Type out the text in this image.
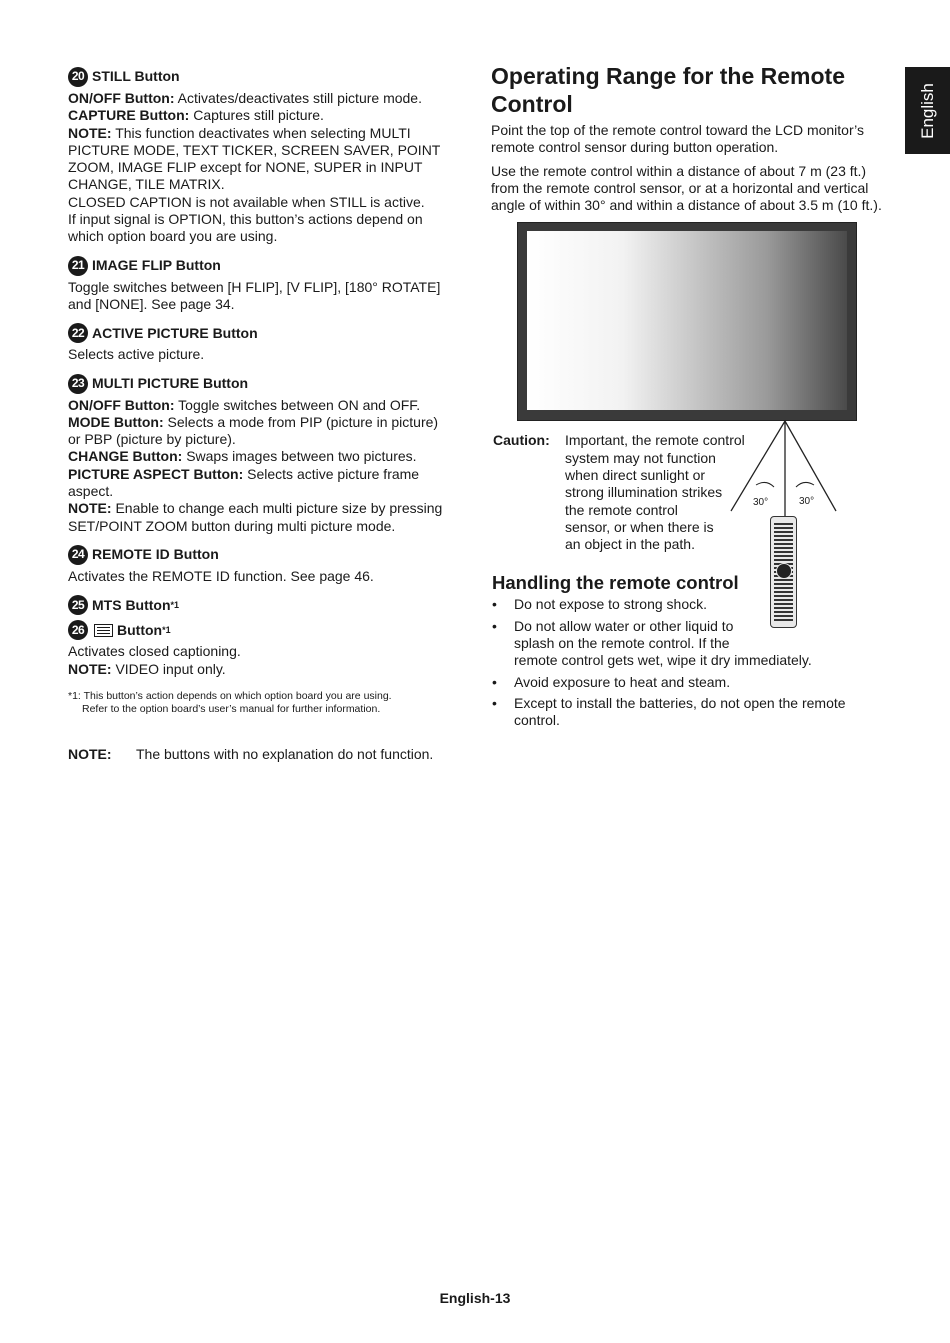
English
20 STILL Button
ON/OFF Button: Activates/deactivates still picture mode.
CAPTURE Button: Captures still picture.
NOTE: This function deactivates when selecting MULTI
PICTURE MODE, TEXT TICKER, SCREEN SAVER, POINT
ZOOM, IMAGE FLIP except for NONE, SUPER in INPUT
CHANGE, TILE MATRIX.
CLOSED CAPTION is not available when STILL is active.
If input signal is OPTION, this button’s actions depend on
which option board you are using.
21 IMAGE FLIP Button
Toggle switches between [H FLIP], [V FLIP], [180° ROTATE]
and [NONE]. See page 34.
22 ACTIVE PICTURE Button
Selects active picture.
23 MULTI PICTURE Button
ON/OFF Button: Toggle switches between ON and OFF.
MODE Button: Selects a mode from PIP (picture in picture)
or PBP (picture by picture).
CHANGE Button: Swaps images between two pictures.
PICTURE ASPECT Button: Selects active picture frame
aspect.
NOTE: Enable to change each multi picture size by pressing
SET/POINT ZOOM button during multi picture mode.
24 REMOTE ID Button
Activates the REMOTE ID function. See page 46.
25 MTS Button *1
26 Button *1
Activates closed captioning.
NOTE: VIDEO input only.
*1: This button’s action depends on which option board you are using.
Refer to the option board’s user’s manual for further information.
NOTE:	The buttons with no explanation do not function.
Operating Range for the Remote
Control
Point the top of the remote control toward the LCD monitor’s
remote control sensor during button operation.
Use the remote control within a distance of about 7 m (23 ft.)
from the remote control sensor, or at a horizontal and vertical
angle of within 30° and within a distance of about 3.5 m (10 ft.).
30°	30°
Caution:	Important, the remote control
system may not function
when direct sunlight or
strong illumination strikes
the remote control
sensor, or when there is
an object in the path.
Handling the remote control
• Do not expose to strong shock.
• Do not allow water or other liquid to
splash on the remote control. If the
remote control gets wet, wipe it dry immediately.
• Avoid exposure to heat and steam.
• Except to install the batteries, do not open the remote
control.
English-13
